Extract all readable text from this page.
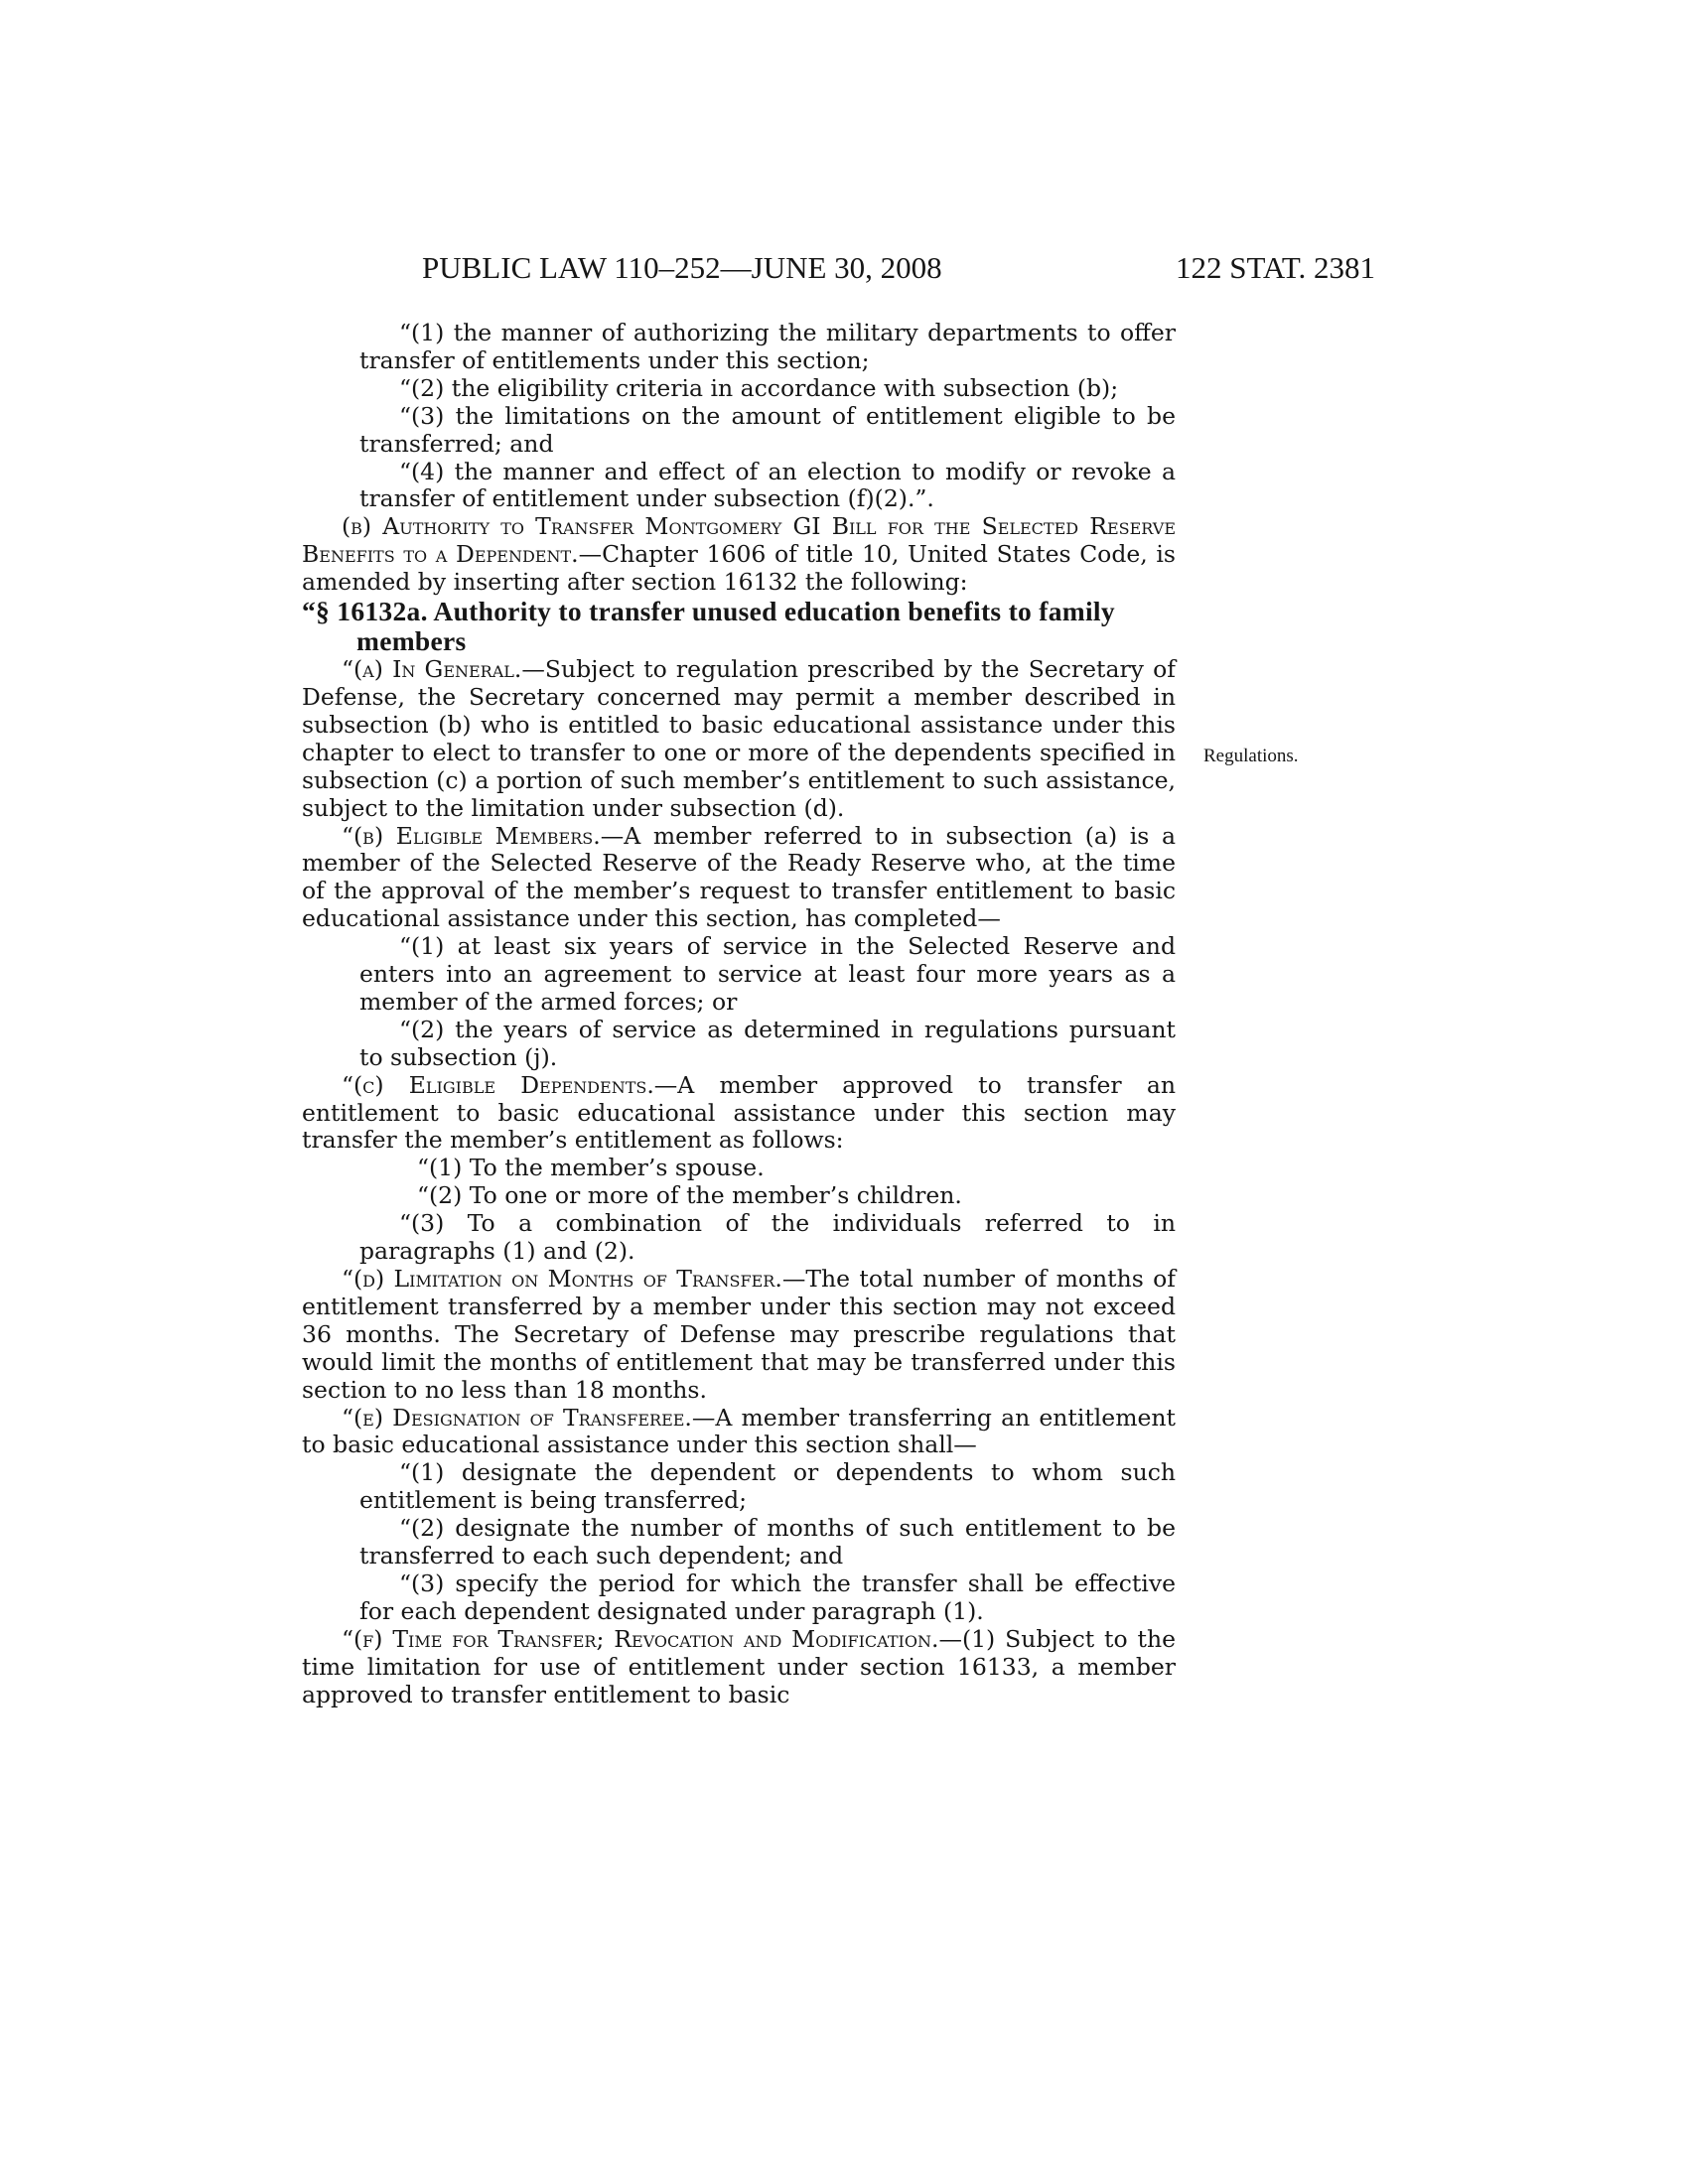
PUBLIC LAW 110–252—JUNE 30, 2008	122 STAT. 2381
Regulations.

“(1) the manner of authorizing the military departments to offer transfer of entitlements under this section;

“(2) the eligibility criteria in accordance with subsection (b);

“(3) the limitations on the amount of entitlement eligible to be transferred; and

“(4) the manner and effect of an election to modify or revoke a transfer of entitlement under subsection (f)(2).”.

(b) Authority to Transfer Montgomery GI Bill for the Selected Reserve Benefits to a Dependent.—Chapter 1606 of title 10, United States Code, is amended by inserting after section 16132 the following:

“§ 16132a. Authority to transfer unused education benefits to family members

“(a) In General.—Subject to regulation prescribed by the Secretary of Defense, the Secretary concerned may permit a member described in subsection (b) who is entitled to basic educational assistance under this chapter to elect to transfer to one or more of the dependents specified in subsection (c) a portion of such member’s entitlement to such assistance, subject to the limitation under subsection (d).

“(b) Eligible Members.—A member referred to in subsection (a) is a member of the Selected Reserve of the Ready Reserve who, at the time of the approval of the member’s request to transfer entitlement to basic educational assistance under this section, has completed—

“(1) at least six years of service in the Selected Reserve and enters into an agreement to service at least four more years as a member of the armed forces; or

“(2) the years of service as determined in regulations pursuant to subsection (j).

“(c) Eligible Dependents.—A member approved to transfer an entitlement to basic educational assistance under this section may transfer the member’s entitlement as follows:

“(1) To the member’s spouse.

“(2) To one or more of the member’s children.

“(3) To a combination of the individuals referred to in paragraphs (1) and (2).

“(d) Limitation on Months of Transfer.—The total number of months of entitlement transferred by a member under this section may not exceed 36 months. The Secretary of Defense may prescribe regulations that would limit the months of entitlement that may be transferred under this section to no less than 18 months.

“(e) Designation of Transferee.—A member transferring an entitlement to basic educational assistance under this section shall—

“(1) designate the dependent or dependents to whom such entitlement is being transferred;

“(2) designate the number of months of such entitlement to be transferred to each such dependent; and

“(3) specify the period for which the transfer shall be effective for each dependent designated under paragraph (1).

“(f) Time for Transfer; Revocation and Modification.—(1) Subject to the time limitation for use of entitlement under section 16133, a member approved to transfer entitlement to basic
